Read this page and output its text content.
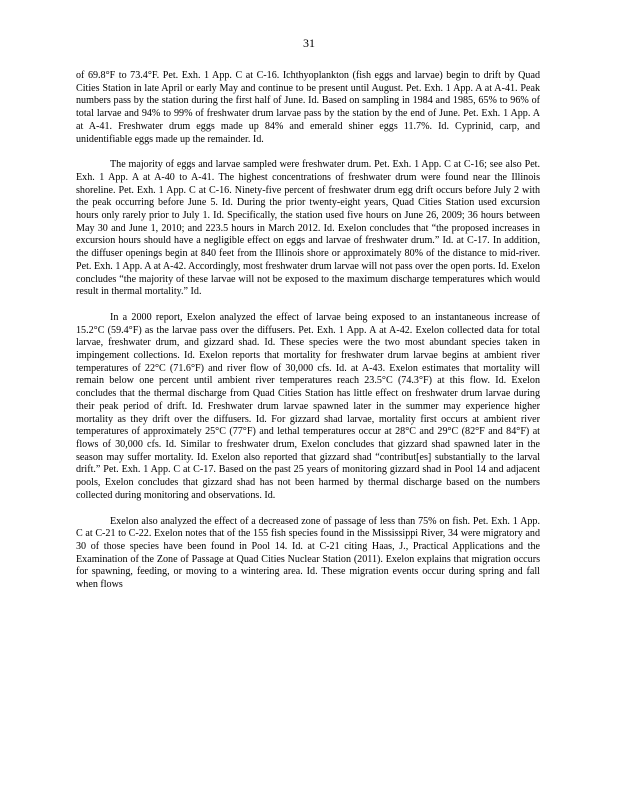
31

of 69.8°F to 73.4°F. Pet. Exh. 1 App. C at C-16. Ichthyoplankton (fish eggs and larvae) begin to drift by Quad Cities Station in late April or early May and continue to be present until August. Pet. Exh. 1 App. A at A-41. Peak numbers pass by the station during the first half of June. Id. Based on sampling in 1984 and 1985, 65% to 96% of total larvae and 94% to 99% of freshwater drum larvae pass by the station by the end of June. Pet. Exh. 1 App. A at A-41. Freshwater drum eggs made up 84% and emerald shiner eggs 11.7%. Id. Cyprinid, carp, and unidentifiable eggs made up the remainder. Id.

The majority of eggs and larvae sampled were freshwater drum. Pet. Exh. 1 App. C at C-16; see also Pet. Exh. 1 App. A at A-40 to A-41. The highest concentrations of freshwater drum were found near the Illinois shoreline. Pet. Exh. 1 App. C at C-16. Ninety-five percent of freshwater drum egg drift occurs before July 2 with the peak occurring before June 5. Id. During the prior twenty-eight years, Quad Cities Station used excursion hours only rarely prior to July 1. Id. Specifically, the station used five hours on June 26, 2009; 36 hours between May 30 and June 1, 2010; and 223.5 hours in March 2012. Id. Exelon concludes that “the proposed increases in excursion hours should have a negligible effect on eggs and larvae of freshwater drum.” Id. at C-17. In addition, the diffuser openings begin at 840 feet from the Illinois shore or approximately 80% of the distance to mid-river. Pet. Exh. 1 App. A at A-42. Accordingly, most freshwater drum larvae will not pass over the open ports. Id. Exelon concludes “the majority of these larvae will not be exposed to the maximum discharge temperatures which would result in thermal mortality.” Id.

In a 2000 report, Exelon analyzed the effect of larvae being exposed to an instantaneous increase of 15.2°C (59.4°F) as the larvae pass over the diffusers. Pet. Exh. 1 App. A at A-42. Exelon collected data for total larvae, freshwater drum, and gizzard shad. Id. These species were the two most abundant species taken in impingement collections. Id. Exelon reports that mortality for freshwater drum larvae begins at ambient river temperatures of 22°C (71.6°F) and river flow of 30,000 cfs. Id. at A-43. Exelon estimates that mortality will remain below one percent until ambient river temperatures reach 23.5°C (74.3°F) at this flow. Id. Exelon concludes that the thermal discharge from Quad Cities Station has little effect on freshwater drum larvae during their peak period of drift. Id. Freshwater drum larvae spawned later in the summer may experience higher mortality as they drift over the diffusers. Id. For gizzard shad larvae, mortality first occurs at ambient river temperatures of approximately 25°C (77°F) and lethal temperatures occur at 28°C and 29°C (82°F and 84°F) at flows of 30,000 cfs. Id. Similar to freshwater drum, Exelon concludes that gizzard shad spawned later in the season may suffer mortality. Id. Exelon also reported that gizzard shad “contribut[es] substantially to the larval drift.” Pet. Exh. 1 App. C at C-17. Based on the past 25 years of monitoring gizzard shad in Pool 14 and adjacent pools, Exelon concludes that gizzard shad has not been harmed by thermal discharge based on the numbers collected during monitoring and observations. Id.

Exelon also analyzed the effect of a decreased zone of passage of less than 75% on fish. Pet. Exh. 1 App. C at C-21 to C-22. Exelon notes that of the 155 fish species found in the Mississippi River, 34 were migratory and 30 of those species have been found in Pool 14. Id. at C-21 citing Haas, J., Practical Applications and the Examination of the Zone of Passage at Quad Cities Nuclear Station (2011). Exelon explains that migration occurs for spawning, feeding, or moving to a wintering area. Id. These migration events occur during spring and fall when flows
